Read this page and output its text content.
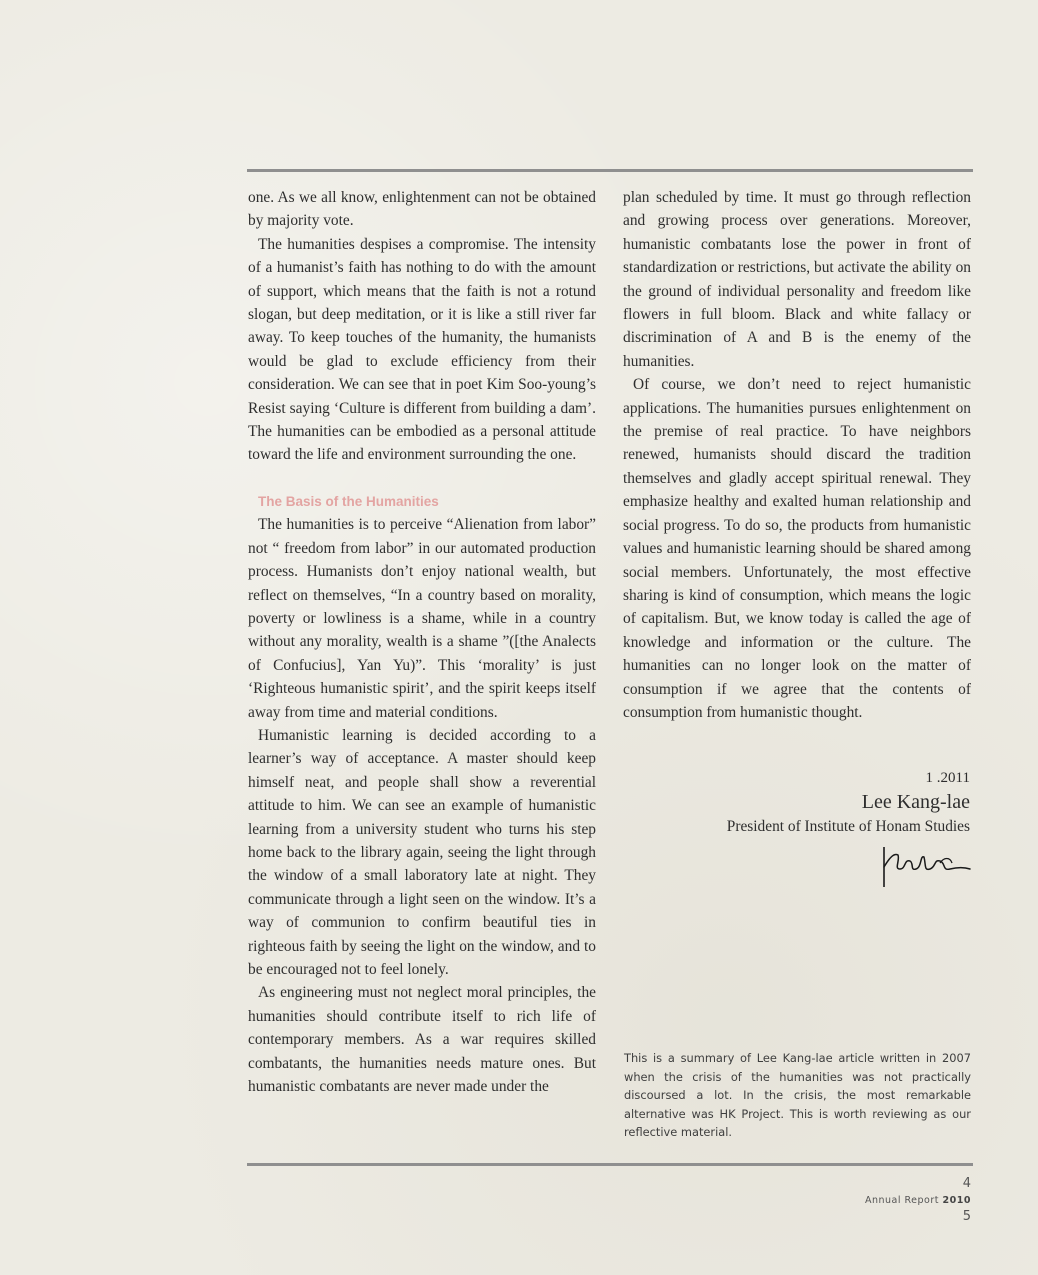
one. As we all know, enlightenment can not be obtained by majority vote.

The humanities despises a compromise. The intensity of a humanist’s faith has nothing to do with the amount of support, which means that the faith is not a rotund slogan, but deep meditation, or it is like a still river far away. To keep touches of the humanity, the humanists would be glad to exclude efficiency from their consideration. We can see that in poet Kim Soo-young’s Resist saying ‘Culture is different from building a dam’. The humanities can be embodied as a personal attitude toward the life and environment surrounding the one.

The Basis of the Humanities

The humanities is to perceive “Alienation from labor” not “ freedom from labor” in our automated production process. Humanists don’t enjoy national wealth, but reflect on themselves, “In a country based on morality, poverty or lowliness is a shame, while in a country without any morality, wealth is a shame ”([the Analects of Confucius], Yan Yu)”. This ‘morality’ is just ‘Righteous humanistic spirit’, and the spirit keeps itself away from time and material conditions.

Humanistic learning is decided according to a learner’s way of acceptance. A master should keep himself neat, and people shall show a reverential attitude to him. We can see an example of humanistic learning from a university student who turns his step home back to the library again, seeing the light through the window of a small laboratory late at night. They communicate through a light seen on the window. It’s a way of communion to confirm beautiful ties in righteous faith by seeing the light on the window, and to be encouraged not to feel lonely.

As engineering must not neglect moral principles, the humanities should contribute itself to rich life of contemporary members. As a war requires skilled combatants, the humanities needs mature ones. But humanistic combatants are never made under the

plan scheduled by time. It must go through reflection and growing process over generations. Moreover, humanistic combatants lose the power in front of standardization or restrictions, but activate the ability on the ground of individual personality and freedom like flowers in full bloom. Black and white fallacy or discrimination of A and B is the enemy of the humanities.

Of course, we don’t need to reject humanistic applications. The humanities pursues enlightenment on the premise of real practice. To have neighbors renewed, humanists should discard the tradition themselves and gladly accept spiritual renewal. They emphasize healthy and exalted human relationship and social progress. To do so, the products from humanistic values and humanistic learning should be shared among social members. Unfortunately, the most effective sharing is kind of consumption, which means the logic of capitalism. But, we know today is called the age of knowledge and information or the culture. The humanities can no longer look on the matter of consumption if we agree that the contents of consumption from humanistic thought.

1 .2011
Lee Kang-lae
President of Institute of Honam Studies
This is a summary of Lee Kang-lae article written in 2007 when the crisis of the humanities was not practically discoursed a lot. In the crisis, the most remarkable alternative was HK Project. This is worth reviewing as our reflective material.
4
Annual Report 2010
5
